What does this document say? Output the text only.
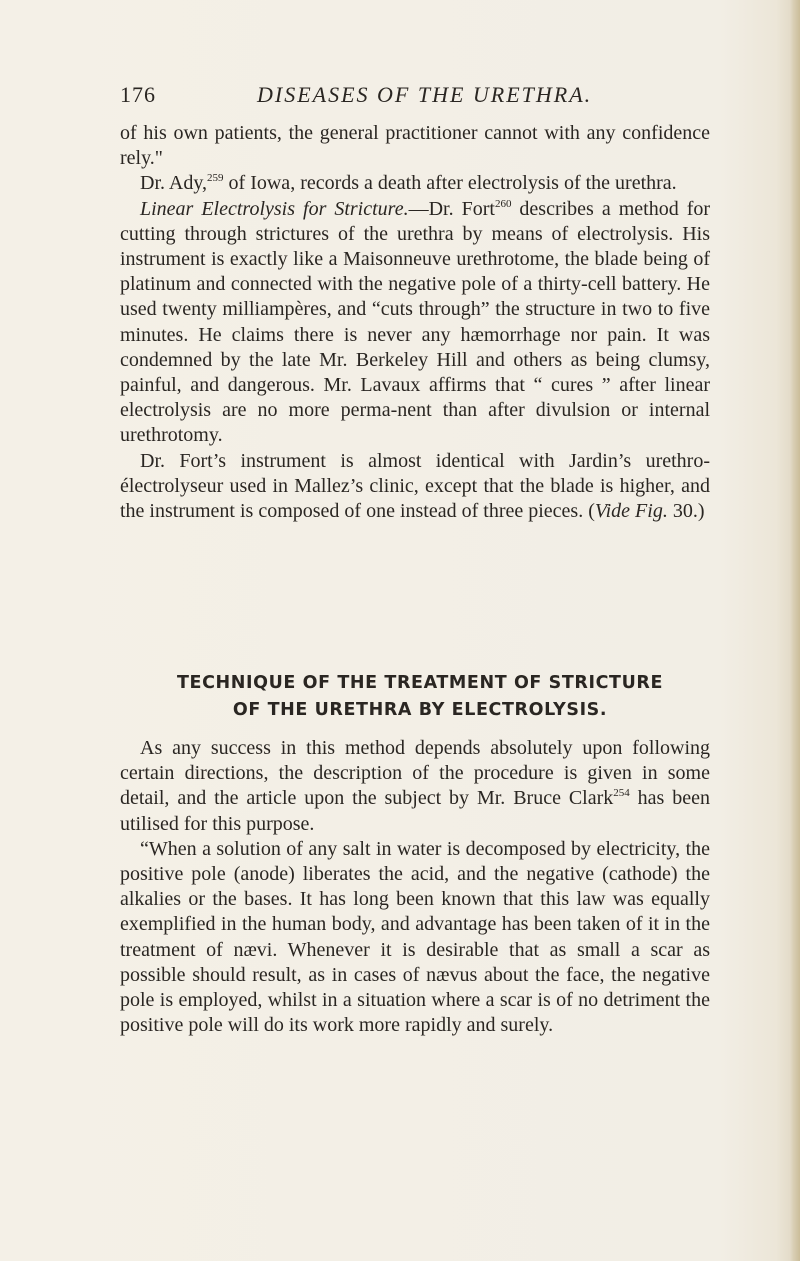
176	DISEASES OF THE URETHRA.

of his own patients, the general practitioner cannot with any confidence rely."

Dr. Ady,$^{259}$ of Iowa, records a death after electrolysis of the urethra.

Linear Electrolysis for Stricture.—Dr. Fort$^{260}$ describes a method for cutting through strictures of the urethra by means of electrolysis. His instrument is exactly like a Maisonneuve urethrotome, the blade being of platinum and connected with the negative pole of a thirty-cell battery. He used twenty milliampères, and “cuts through” the structure in two to five minutes. He claims there is never any hæmorrhage nor pain. It was condemned by the late Mr. Berkeley Hill and others as being clumsy, painful, and dangerous. Mr. Lavaux affirms that “ cures ” after linear electrolysis are no more perma-nent than after divulsion or internal urethrotomy.

Dr. Fort’s instrument is almost identical with Jardin’s urethro-électrolyseur used in Mallez’s clinic, except that the blade is higher, and the instrument is composed of one instead of three pieces. (Vide Fig. 30.)

TECHNIQUE OF THE TREATMENT OF STRICTURE
OF THE URETHRA BY ELECTROLYSIS.

As any success in this method depends absolutely upon following certain directions, the description of the procedure is given in some detail, and the article upon the subject by Mr. Bruce Clark$^{254}$ has been utilised for this purpose.

“When a solution of any salt in water is decomposed by electricity, the positive pole (anode) liberates the acid, and the negative (cathode) the alkalies or the bases. It has long been known that this law was equally exemplified in the human body, and advantage has been taken of it in the treatment of nævi. Whenever it is desirable that as small a scar as possible should result, as in cases of nævus about the face, the negative pole is employed, whilst in a situation where a scar is of no detriment the positive pole will do its work more rapidly and surely.
